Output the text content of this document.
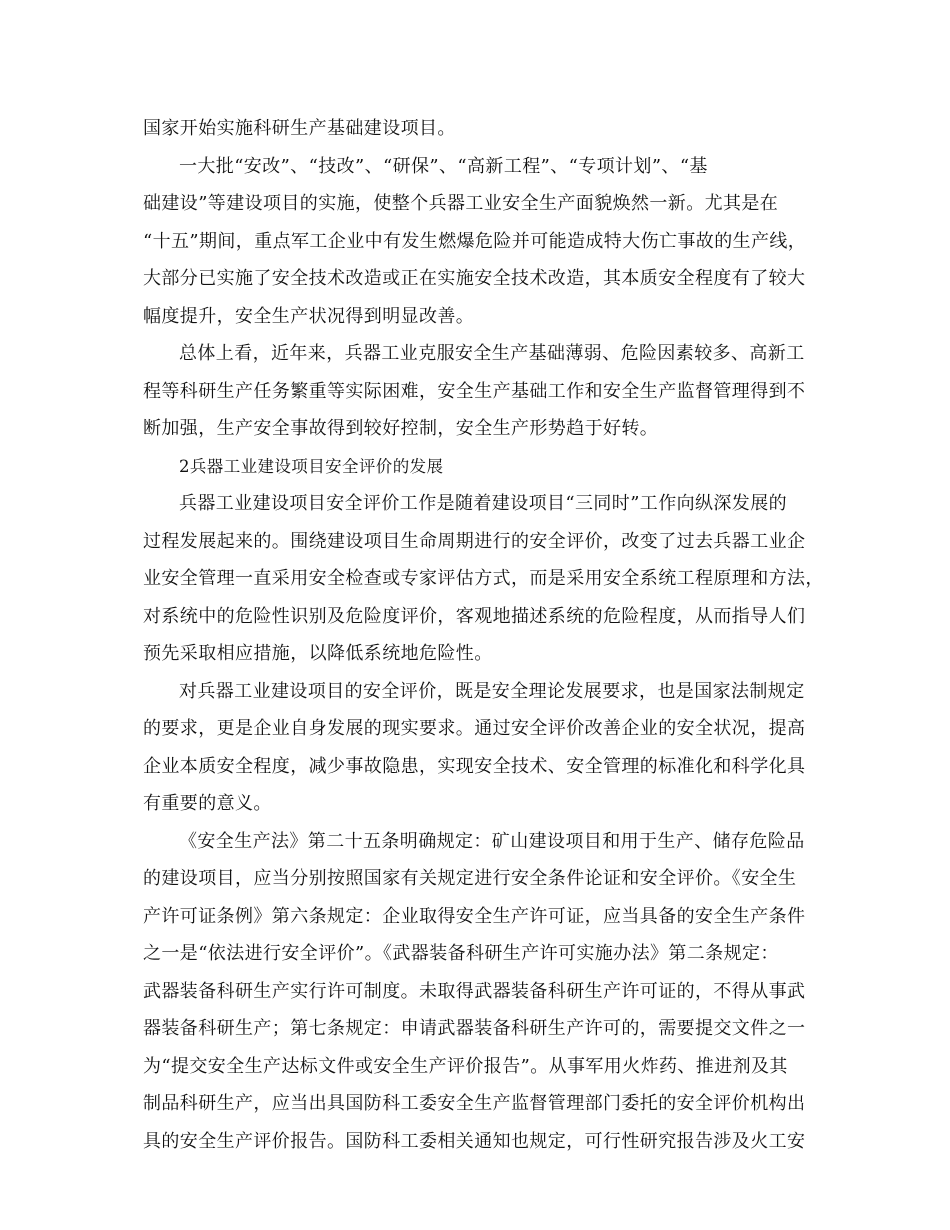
国家开始实施科研生产基础建设项目。
一大批“安改”、“技改”、“研保”、“高新工程”、“专项计划”、“基
础建设”等建设项目的实施，使整个兵器工业安全生产面貌焕然一新。尤其是在
“十五”期间，重点军工企业中有发生燃爆危险并可能造成特大伤亡事故的生产线，
大部分已实施了安全技术改造或正在实施安全技术改造，其本质安全程度有了较大
幅度提升，安全生产状况得到明显改善。
总体上看，近年来，兵器工业克服安全生产基础薄弱、危险因素较多、高新工
程等科研生产任务繁重等实际困难，安全生产基础工作和安全生产监督管理得到不
断加强，生产安全事故得到较好控制，安全生产形势趋于好转。
2兵器工业建设项目安全评价的发展
兵器工业建设项目安全评价工作是随着建设项目“三同时”工作向纵深发展的
过程发展起来的。围绕建设项目生命周期进行的安全评价，改变了过去兵器工业企
业安全管理一直采用安全检查或专家评估方式，而是采用安全系统工程原理和方法，
对系统中的危险性识别及危险度评价，客观地描述系统的危险程度，从而指导人们
预先采取相应措施，以降低系统地危险性。
对兵器工业建设项目的安全评价，既是安全理论发展要求，也是国家法制规定
的要求，更是企业自身发展的现实要求。通过安全评价改善企业的安全状况，提高
企业本质安全程度，减少事故隐患，实现安全技术、安全管理的标准化和科学化具
有重要的意义。
《安全生产法》第二十五条明确规定：矿山建设项目和用于生产、储存危险品
的建设项目，应当分别按照国家有关规定进行安全条件论证和安全评价。《安全生
产许可证条例》第六条规定：企业取得安全生产许可证，应当具备的安全生产条件
之一是“依法进行安全评价”。《武器装备科研生产许可实施办法》第二条规定：
武器装备科研生产实行许可制度。未取得武器装备科研生产许可证的，不得从事武
器装备科研生产；第七条规定：申请武器装备科研生产许可的，需要提交文件之一
为“提交安全生产达标文件或安全生产评价报告”。从事军用火炸药、推进剂及其
制品科研生产，应当出具国防科工委安全生产监督管理部门委托的安全评价机构出
具的安全生产评价报告。国防科工委相关通知也规定，可行性研究报告涉及火工安
